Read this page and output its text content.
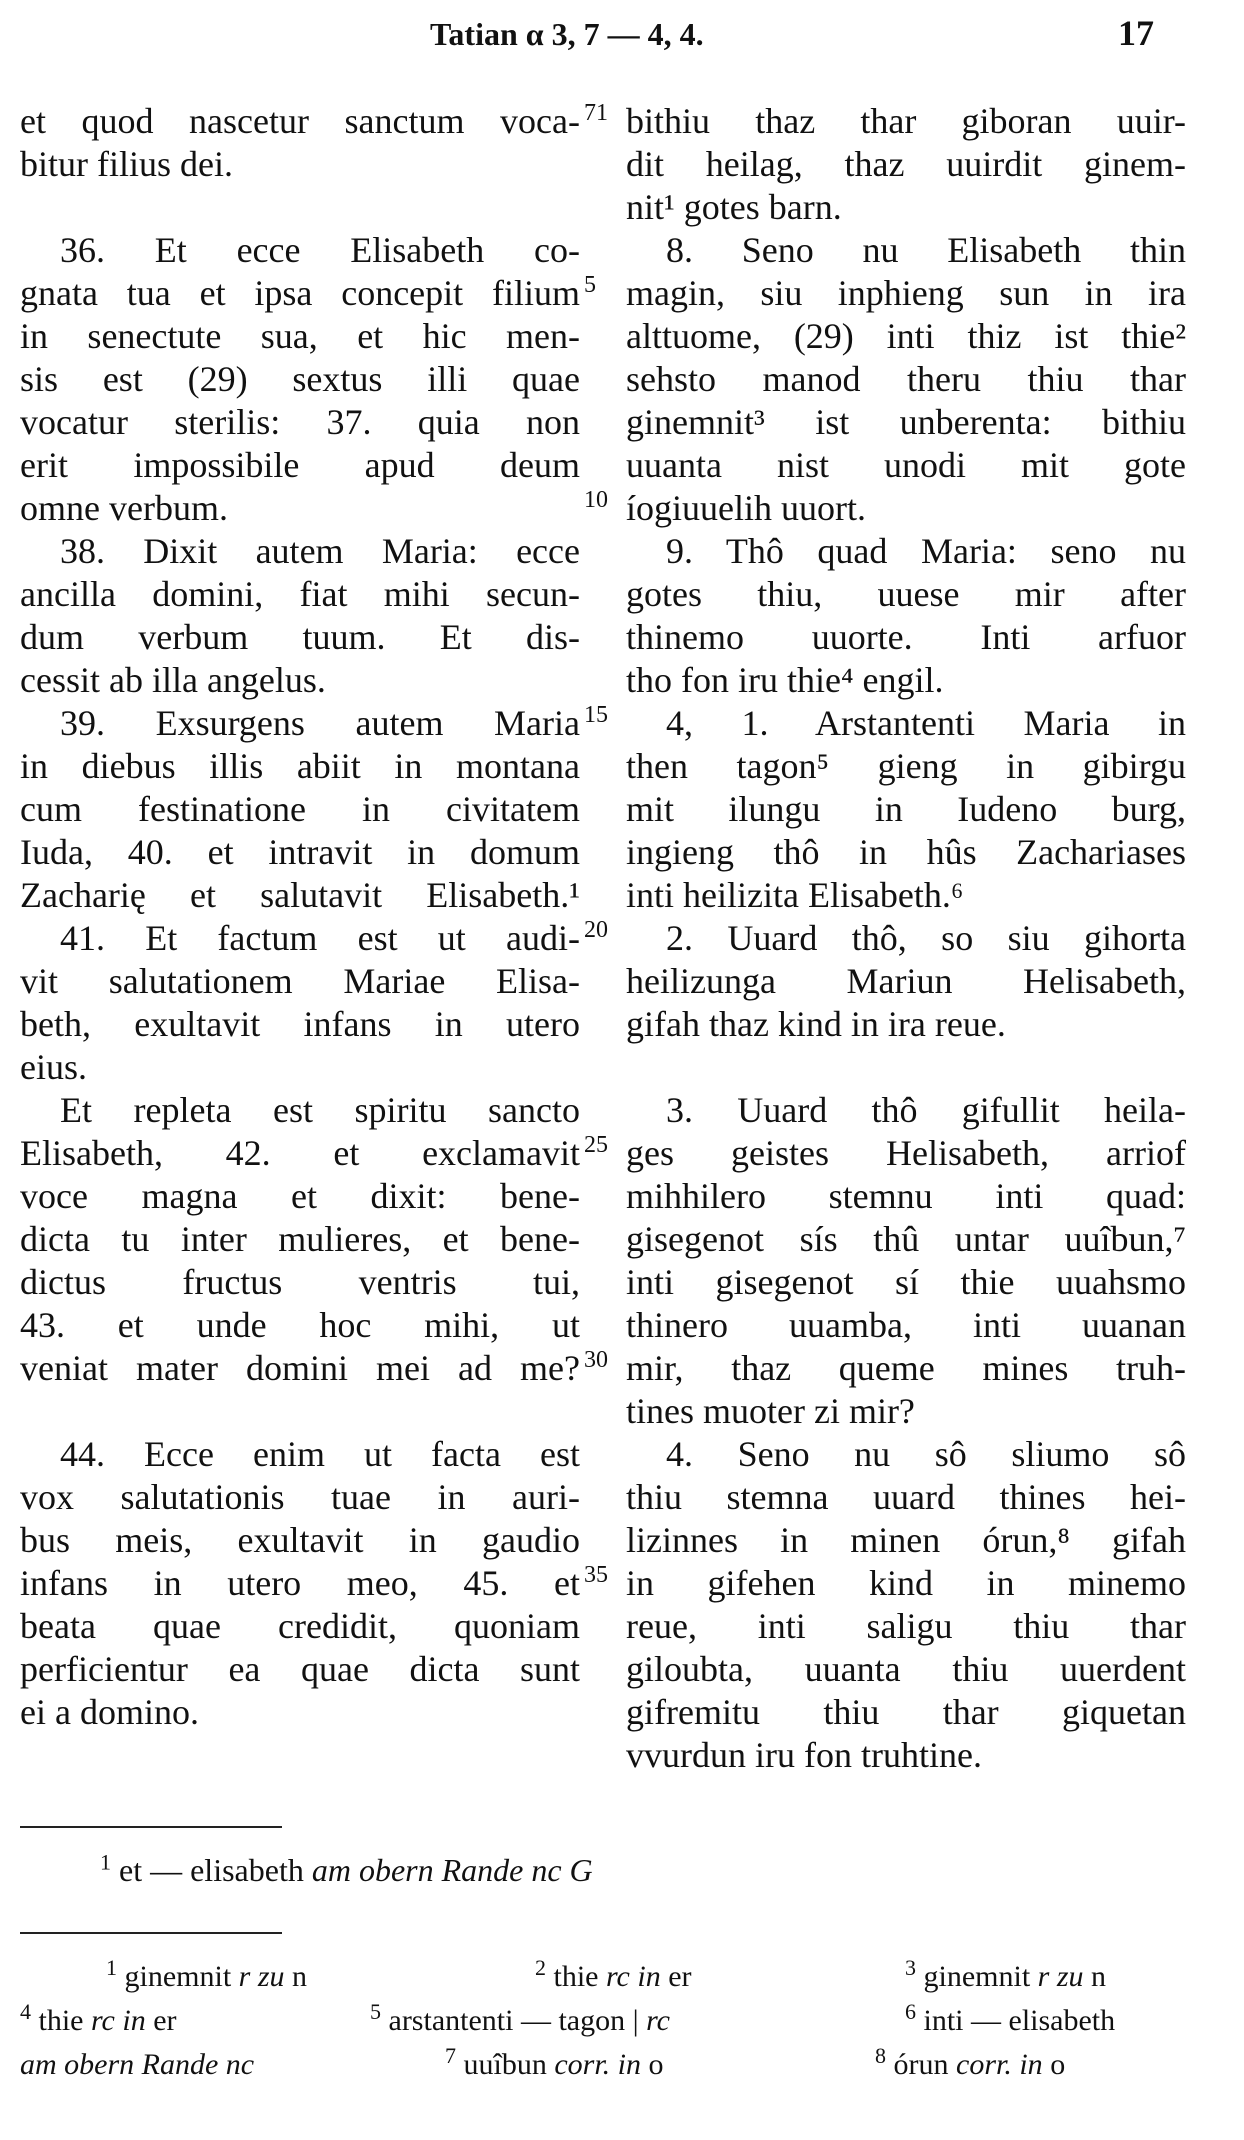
Tatian α 3, 7 — 4, 4.	17
et quod nascetur sanctum voca-
bitur filius dei.
36. Et ecce Elisabeth co-
gnata tua et ipsa concepit filium
in senectute sua, et hic men-
sis est (29) sextus illi quae
vocatur sterilis: 37. quia non
erit impossibile apud deum
omne verbum.
38. Dixit autem Maria: ecce
ancilla domini, fiat mihi secun-
dum verbum tuum. Et dis-
cessit ab illa angelus.
39. Exsurgens autem Maria
in diebus illis abiit in montana
cum festinatione in civitatem
Iuda, 40. et intravit in domum
Zacharię et salutavit Elisabeth.¹
41. Et factum est ut audi-
vit salutationem Mariae Elisa-
beth, exultavit infans in utero
eius.
Et repleta est spiritu sancto
Elisabeth, 42. et exclamavit
voce magna et dixit: bene-
dicta tu inter mulieres, et bene-
dictus fructus ventris tui,
43. et unde hoc mihi, ut
veniat mater domini mei ad me?
44. Ecce enim ut facta est
vox salutationis tuae in auri-
bus meis, exultavit in gaudio
infans in utero meo, 45. et
beata quae credidit, quoniam
perficientur ea quae dicta sunt
ei a domino.
71
5
10
15
20
25
30
35
bithiu thaz thar giboran uuir-
dit heilag, thaz uuirdit ginem-
nit¹ gotes barn.
8. Seno nu Elisabeth thin
magin, siu inphieng sun in ira
alttuome, (29) inti thiz ist thie²
sehsto manod theru thiu thar
ginemnit³ ist unberenta: bithiu
uuanta nist unodi mit gote
íogiuuelih uuort.
9. Thô quad Maria: seno nu
gotes thiu, uuese mir after
thinemo uuorte. Inti arfuor
tho fon iru thie⁴ engil.
4, 1. Arstantenti Maria in
then tagon⁵ gieng in gibirgu
mit ilungu in Iudeno burg,
ingieng thô in hûs Zachariases
inti heilizita Elisabeth.⁶
2. Uuard thô, so siu gihorta
heilizunga Mariun Helisabeth,
gifah thaz kind in ira reue.
3. Uuard thô gifullit heila-
ges geistes Helisabeth, arriof
mihhilero stemnu inti quad:
gisegenot sís thû untar uuîbun,⁷
inti gisegenot sí thie uuahsmo
thinero uuamba, inti uuanan
mir, thaz queme mines truh-
tines muoter zi mir?
4. Seno nu sô sliumo sô
thiu stemna uuard thines hei-
lizinnes in minen órun,⁸ gifah
in gifehen kind in minemo
reue, inti saligu thiu thar
giloubta, uuanta thiu uuerdent
gifremitu thiu thar giquetan
vvurdun iru fon truhtine.
$^1$ et — elisabeth am obern Rande nc G
$^1$ ginemnit r zu n	$^2$ thie rc in er	$^3$ ginemnit r zu n
$^4$ thie rc in er	$^5$ arstantenti — tagon | rc	$^6$ inti — elisabeth
am obern Rande nc	$^7$ uuîbun corr. in o	$^8$ órun corr. in o
